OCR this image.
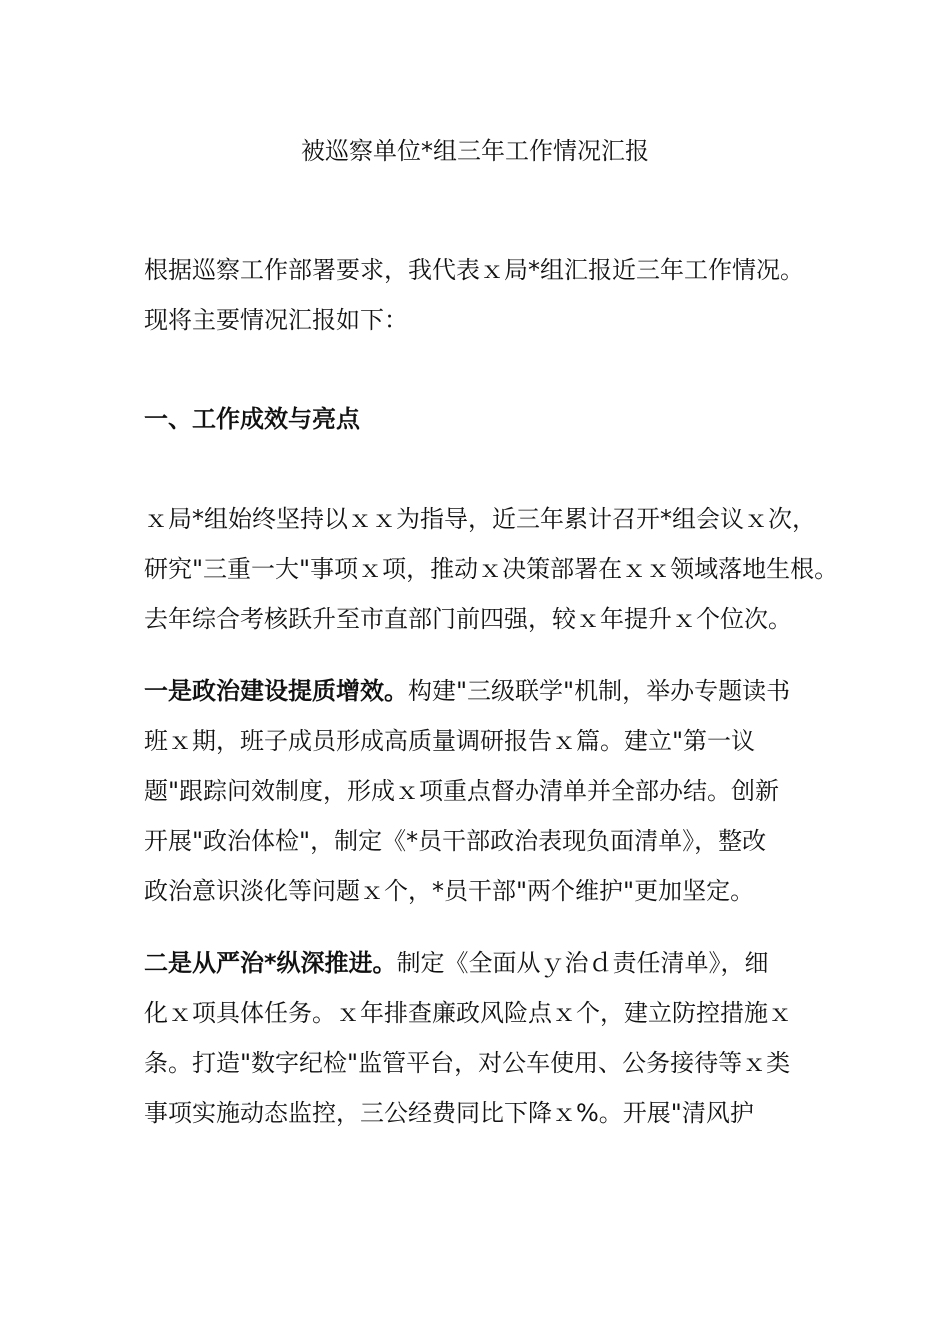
被巡察单位*组三年工作情况汇报
根据巡察工作部署要求，我代表ｘ局*组汇报近三年工作情况。
现将主要情况汇报如下：
一、工作成效与亮点
ｘ局*组始终坚持以ｘｘ为指导，近三年累计召开*组会议ｘ次，
研究"三重一大"事项ｘ项，推动ｘ决策部署在ｘｘ领域落地生根。
去年综合考核跃升至市直部门前四强，较ｘ年提升ｘ个位次。
一是政治建设提质增效。构建"三级联学"机制，举办专题读书
班ｘ期，班子成员形成高质量调研报告ｘ篇。建立"第一议
题"跟踪问效制度，形成ｘ项重点督办清单并全部办结。创新
开展"政治体检"，制定《*员干部政治表现负面清单》，整改
政治意识淡化等问题ｘ个，*员干部"两个维护"更加坚定。
二是从严治*纵深推进。制定《全面从ｙ治ｄ责任清单》，细
化ｘ项具体任务。ｘ年排查廉政风险点ｘ个，建立防控措施ｘ
条。打造"数字纪检"监管平台，对公车使用、公务接待等ｘ类
事项实施动态监控，三公经费同比下降ｘ%。开展"清风护
